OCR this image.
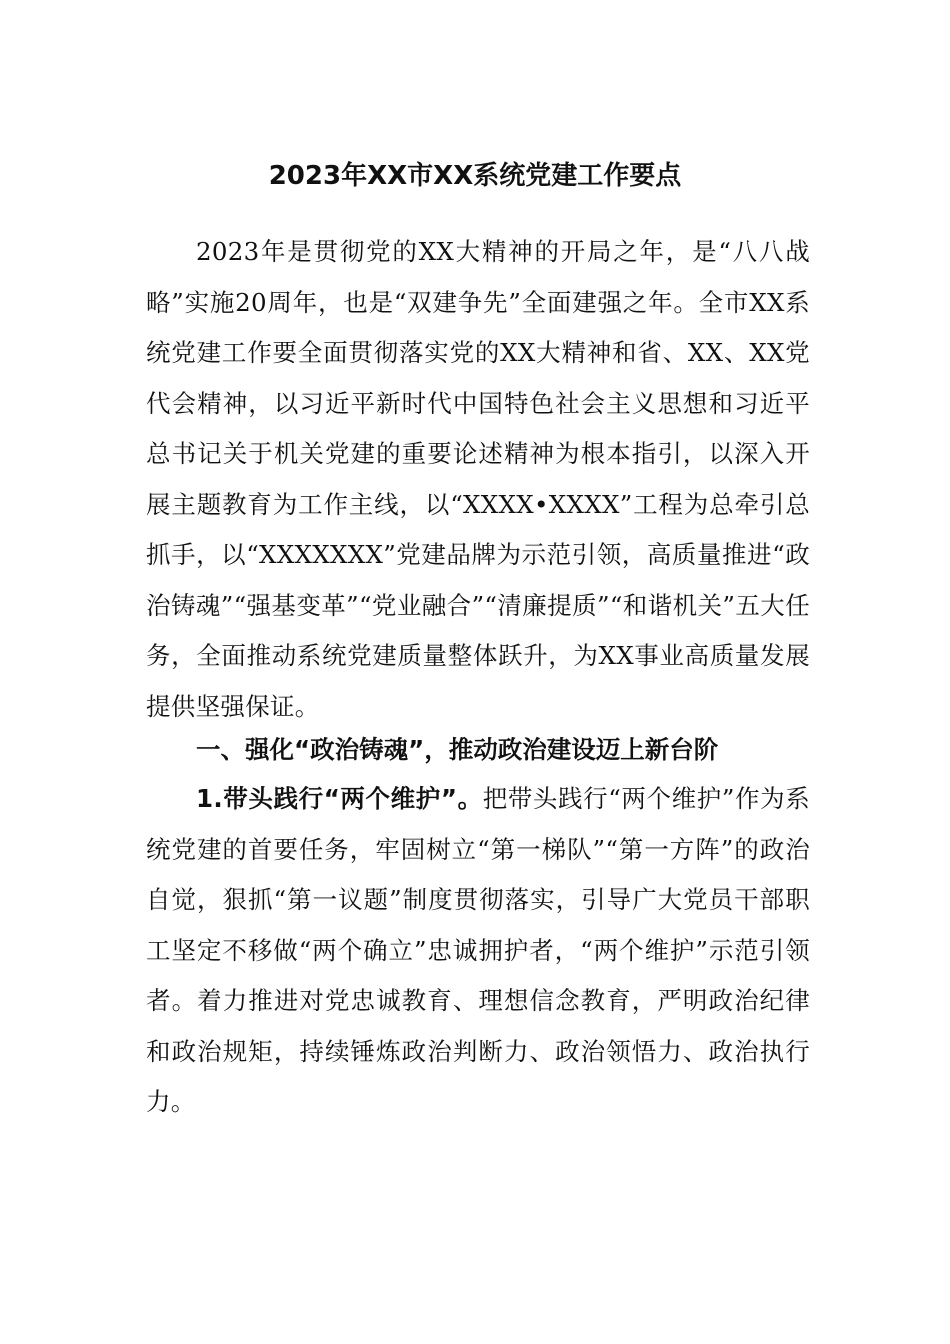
2023年XX市XX系统党建工作要点
2023年是贯彻党的XX大精神的开局之年，是“八八战略”实施20周年，也是“双建争先”全面建强之年。全市XX系统党建工作要全面贯彻落实党的XX大精神和省、XX、XX党代会精神，以习近平新时代中国特色社会主义思想和习近平总书记关于机关党建的重要论述精神为根本指引，以深入开展主题教育为工作主线，以“XXXX•XXXX”工程为总牵引总抓手，以“XXXXXXX”党建品牌为示范引领，高质量推进“政治铸魂”“强基变革”“党业融合”“清廉提质”“和谐机关”五大任务，全面推动系统党建质量整体跃升，为XX事业高质量发展提供坚强保证。
一、强化“政治铸魂”，推动政治建设迈上新台阶
1.带头践行“两个维护”。把带头践行“两个维护”作为系统党建的首要任务，牢固树立“第一梯队”“第一方阵”的政治自觉，狠抓“第一议题”制度贯彻落实，引导广大党员干部职工坚定不移做“两个确立”忠诚拥护者，“两个维护”示范引领者。着力推进对党忠诚教育、理想信念教育，严明政治纪律和政治规矩，持续锤炼政治判断力、政治领悟力、政治执行力。
